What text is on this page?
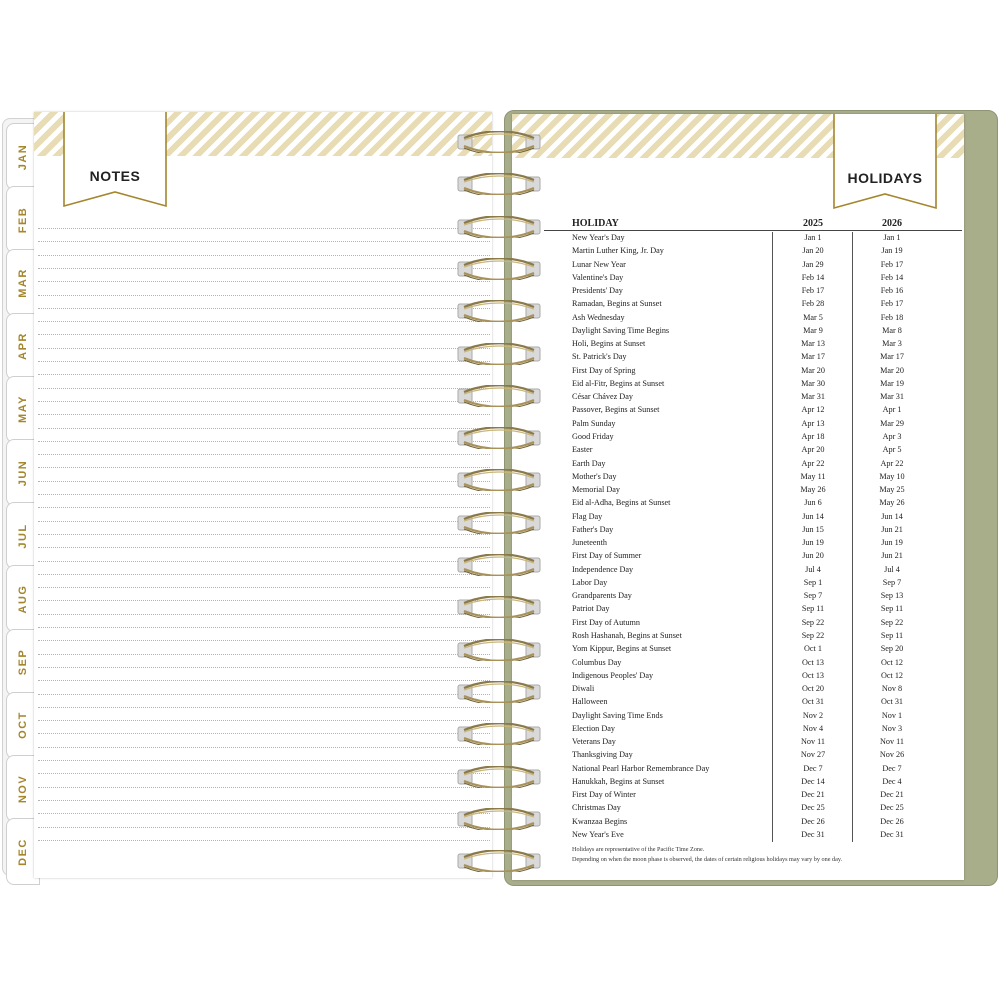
JAN
FEB
MAR
APR
MAY
JUN
JUL
AUG
SEP
OCT
NOV
DEC
NOTES	HOLIDAYS
HOLIDAY	2025	2026
New Year's Day	Jan 1	Jan 1
Martin Luther King, Jr. Day	Jan 20	Jan 19
Lunar New Year	Jan 29	Feb 17
Valentine's Day	Feb 14	Feb 14
Presidents' Day	Feb 17	Feb 16
Ramadan, Begins at Sunset	Feb 28	Feb 17
Ash Wednesday	Mar 5	Feb 18
Daylight Saving Time Begins	Mar 9	Mar 8
Holi, Begins at Sunset	Mar 13	Mar 3
St. Patrick's Day	Mar 17	Mar 17
First Day of Spring	Mar 20	Mar 20
Eid al-Fitr, Begins at Sunset	Mar 30	Mar 19
César Chávez Day	Mar 31	Mar 31
Passover, Begins at Sunset	Apr 12	Apr 1
Palm Sunday	Apr 13	Mar 29
Good Friday	Apr 18	Apr 3
Easter	Apr 20	Apr 5
Earth Day	Apr 22	Apr 22
Mother's Day	May 11	May 10
Memorial Day	May 26	May 25
Eid al-Adha, Begins at Sunset	Jun 6	May 26
Flag Day	Jun 14	Jun 14
Father's Day	Jun 15	Jun 21
Juneteenth	Jun 19	Jun 19
First Day of Summer	Jun 20	Jun 21
Independence Day	Jul 4	Jul 4
Labor Day	Sep 1	Sep 7
Grandparents Day	Sep 7	Sep 13
Patriot Day	Sep 11	Sep 11
First Day of Autumn	Sep 22	Sep 22
Rosh Hashanah, Begins at Sunset	Sep 22	Sep 11
Yom Kippur, Begins at Sunset	Oct 1	Sep 20
Columbus Day	Oct 13	Oct 12
Indigenous Peoples' Day	Oct 13	Oct 12
Diwali	Oct 20	Nov 8
Halloween	Oct 31	Oct 31
Daylight Saving Time Ends	Nov 2	Nov 1
Election Day	Nov 4	Nov 3
Veterans Day	Nov 11	Nov 11
Thanksgiving Day	Nov 27	Nov 26
National Pearl Harbor Remembrance Day	Dec 7	Dec 7
Hanukkah, Begins at Sunset	Dec 14	Dec 4
First Day of Winter	Dec 21	Dec 21
Christmas Day	Dec 25	Dec 25
Kwanzaa Begins	Dec 26	Dec 26
New Year's Eve	Dec 31	Dec 31
Holidays are representative of the Pacific Time Zone.
Depending on when the moon phase is observed, the dates of certain religious holidays may vary by one day.
